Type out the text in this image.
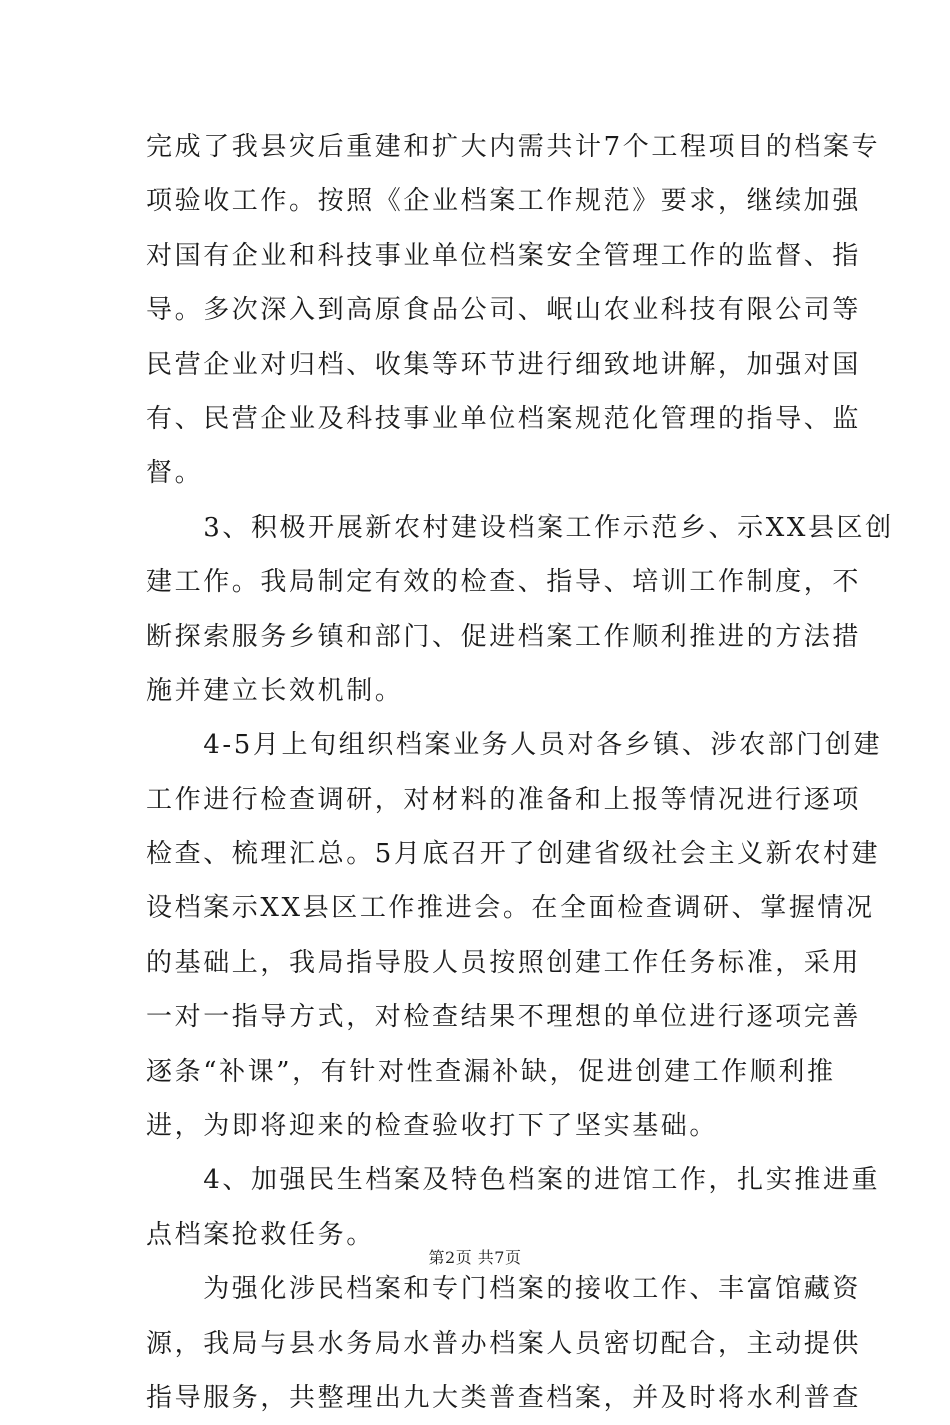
完成了我县灾后重建和扩大内需共计7个工程项目的档案专
项验收工作。按照《企业档案工作规范》要求，继续加强
对国有企业和科技事业单位档案安全管理工作的监督、指
导。多次深入到高原食品公司、岷山农业科技有限公司等
民营企业对归档、收集等环节进行细致地讲解，加强对国
有、民营企业及科技事业单位档案规范化管理的指导、监
督。
　　3、积极开展新农村建设档案工作示范乡、示XX县区创
建工作。我局制定有效的检查、指导、培训工作制度，不
断探索服务乡镇和部门、促进档案工作顺利推进的方法措
施并建立长效机制。
　　4-5月上旬组织档案业务人员对各乡镇、涉农部门创建
工作进行检查调研，对材料的准备和上报等情况进行逐项
检查、梳理汇总。5月底召开了创建省级社会主义新农村建
设档案示XX县区工作推进会。在全面检查调研、掌握情况
的基础上，我局指导股人员按照创建工作任务标准，采用
一对一指导方式，对检查结果不理想的单位进行逐项完善
逐条“补课”，有针对性查漏补缺，促进创建工作顺利推
进，为即将迎来的检查验收打下了坚实基础。
　　4、加强民生档案及特色档案的进馆工作，扎实推进重
点档案抢救任务。
　　为强化涉民档案和专门档案的接收工作、丰富馆藏资
源，我局与县水务局水普办档案人员密切配合，主动提供
指导服务，共整理出九大类普查档案，并及时将水利普查
第2页 共7页
